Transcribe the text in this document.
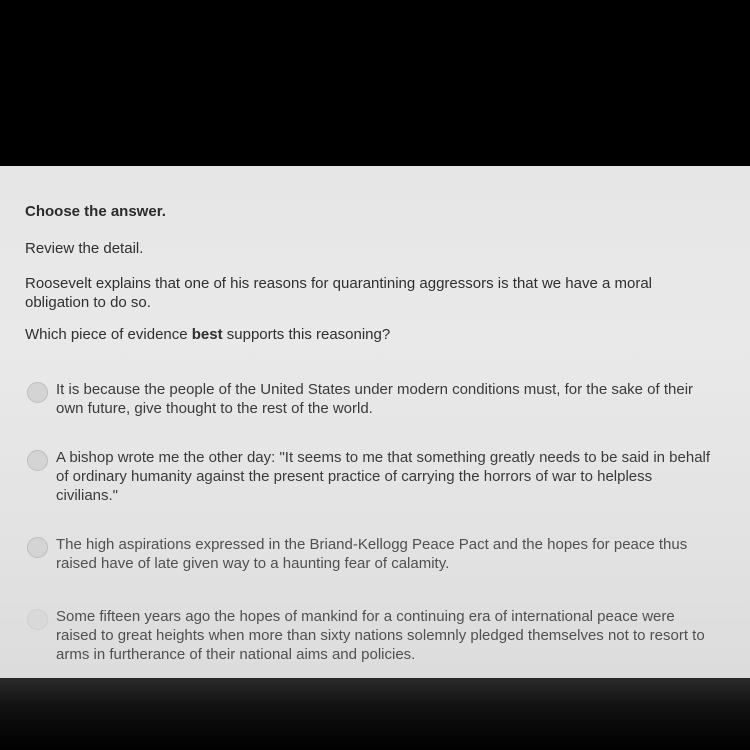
Choose the answer.

Review the detail.

Roosevelt explains that one of his reasons for quarantining aggressors is that we have a moral obligation to do so.

Which piece of evidence best supports this reasoning?

It is because the people of the United States under modern conditions must, for the sake of their own future, give thought to the rest of the world.
A bishop wrote me the other day: "It seems to me that something greatly needs to be said in behalf of ordinary humanity against the present practice of carrying the horrors of war to helpless civilians."
The high aspirations expressed in the Briand-Kellogg Peace Pact and the hopes for peace thus raised have of late given way to a haunting fear of calamity.
Some fifteen years ago the hopes of mankind for a continuing era of international peace were raised to great heights when more than sixty nations solemnly pledged themselves not to resort to arms in furtherance of their national aims and policies.
